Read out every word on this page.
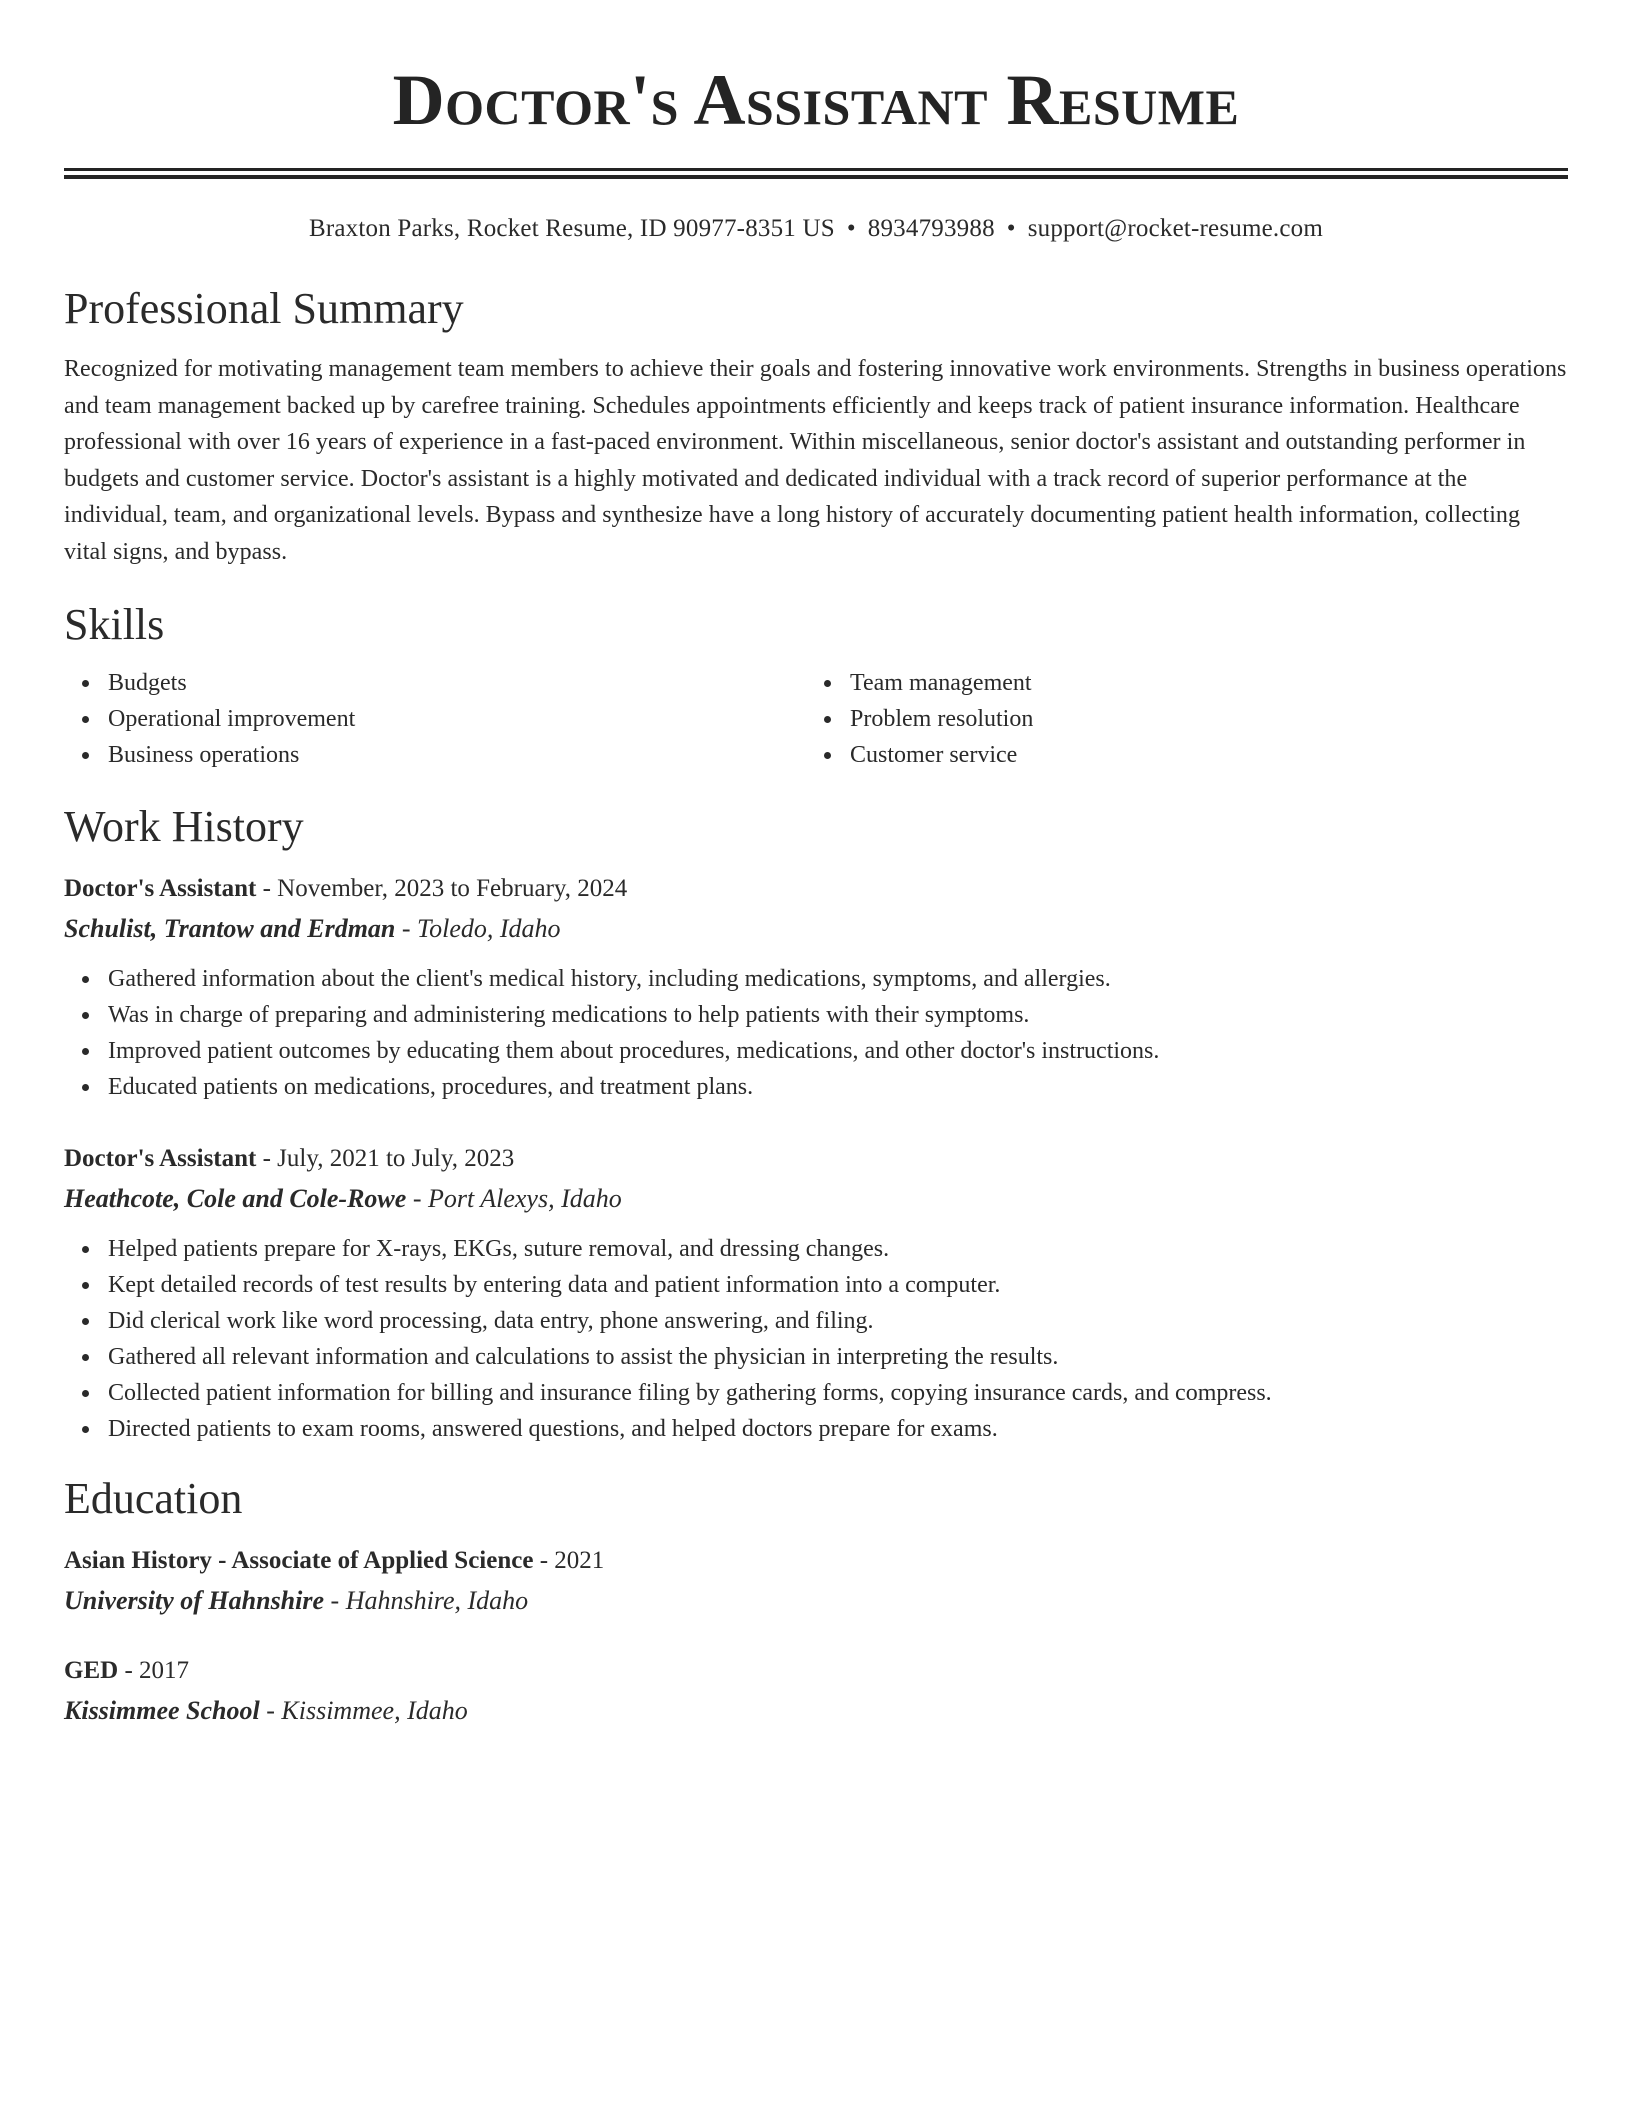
Doctor's Assistant Resume
Braxton Parks, Rocket Resume, ID 90977-8351 US • 8934793988 • support@rocket-resume.com
Professional Summary
Recognized for motivating management team members to achieve their goals and fostering innovative work environments. Strengths in business operations and team management backed up by carefree training. Schedules appointments efficiently and keeps track of patient insurance information. Healthcare professional with over 16 years of experience in a fast-paced environment. Within miscellaneous, senior doctor's assistant and outstanding performer in budgets and customer service. Doctor's assistant is a highly motivated and dedicated individual with a track record of superior performance at the individual, team, and organizational levels. Bypass and synthesize have a long history of accurately documenting patient health information, collecting vital signs, and bypass.
Skills
Budgets
Operational improvement
Business operations
Team management
Problem resolution
Customer service
Work History
Doctor's Assistant - November, 2023 to February, 2024
Schulist, Trantow and Erdman - Toledo, Idaho
Gathered information about the client's medical history, including medications, symptoms, and allergies.
Was in charge of preparing and administering medications to help patients with their symptoms.
Improved patient outcomes by educating them about procedures, medications, and other doctor's instructions.
Educated patients on medications, procedures, and treatment plans.
Doctor's Assistant - July, 2021 to July, 2023
Heathcote, Cole and Cole-Rowe - Port Alexys, Idaho
Helped patients prepare for X-rays, EKGs, suture removal, and dressing changes.
Kept detailed records of test results by entering data and patient information into a computer.
Did clerical work like word processing, data entry, phone answering, and filing.
Gathered all relevant information and calculations to assist the physician in interpreting the results.
Collected patient information for billing and insurance filing by gathering forms, copying insurance cards, and compress.
Directed patients to exam rooms, answered questions, and helped doctors prepare for exams.
Education
Asian History - Associate of Applied Science - 2021
University of Hahnshire - Hahnshire, Idaho
GED - 2017
Kissimmee School - Kissimmee, Idaho
